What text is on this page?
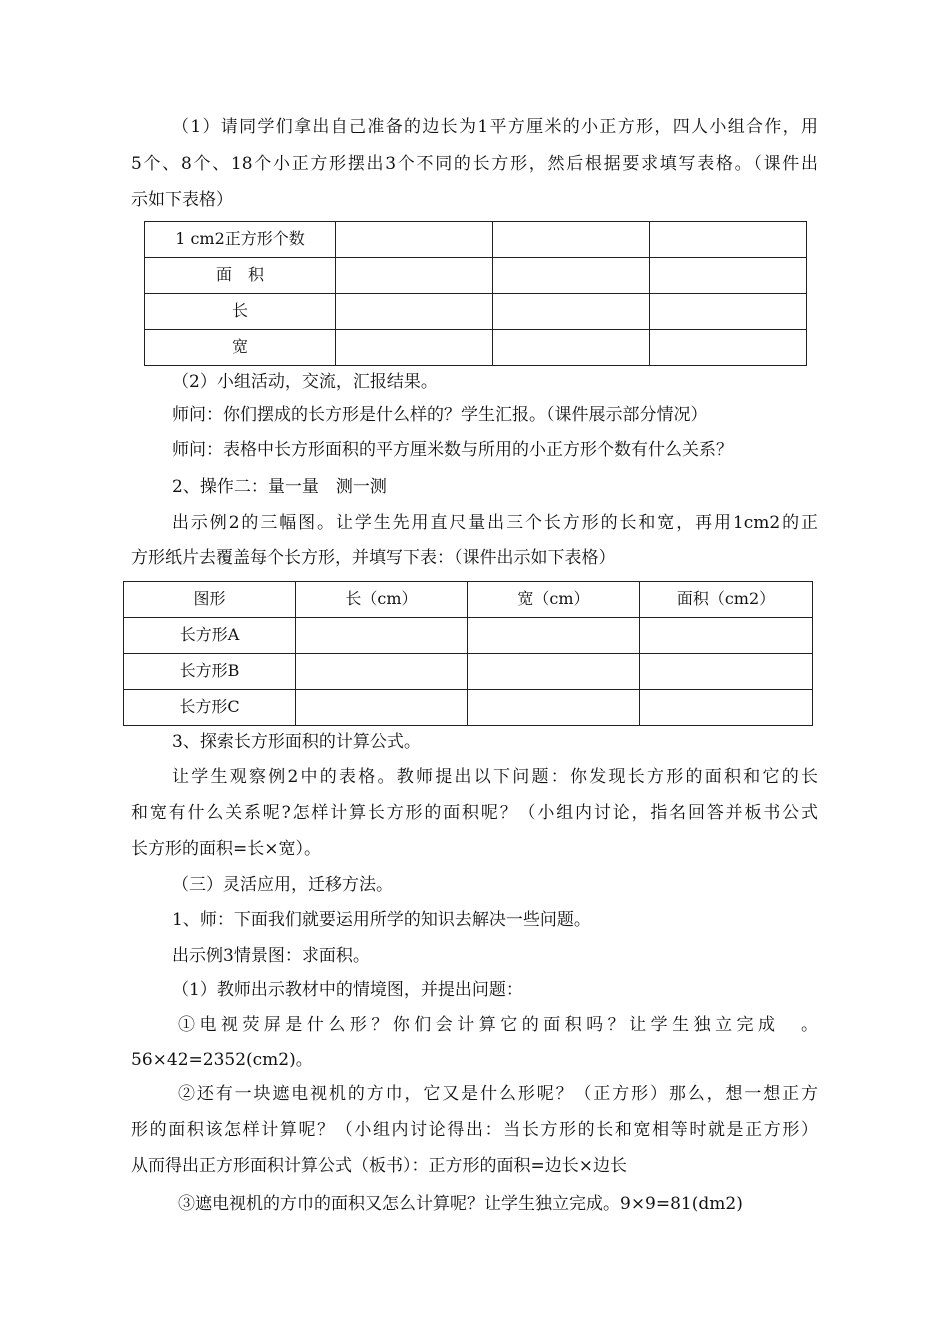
（1）请同学们拿出自己准备的边长为1平方厘米的小正方形，四人小组合作，用
5个、8个、18个小正方形摆出3个不同的长方形，然后根据要求填写表格。（课件出
示如下表格）
1 cm2正方形个数			

面　积			

长			

宽			

（2）小组活动，交流，汇报结果。
师问：你们摆成的长方形是什么样的？学生汇报。（课件展示部分情况）
师问：表格中长方形面积的平方厘米数与所用的小正方形个数有什么关系？
2、操作二：量一量　测一测
出示例2的三幅图。让学生先用直尺量出三个长方形的长和宽，再用1cm2的正
方形纸片去覆盖每个长方形，并填写下表：（课件出示如下表格）
图形	长（cm）	宽（cm）	面积（cm2）

长方形A			

长方形B			

长方形C			

3、探索长方形面积的计算公式。
让学生观察例2中的表格。教师提出以下问题：你发现长方形的面积和它的长
和宽有什么关系呢?怎样计算长方形的面积呢？（小组内讨论，指名回答并板书公式
长方形的面积=长×宽）。
（三）灵活应用，迁移方法。
1、师：下面我们就要运用所学的知识去解决一些问题。
出示例3情景图：求面积。
（1）教师出示教材中的情境图，并提出问题：
①电视荧屏是什么形？你们会计算它的面积吗？让学生独立完成　。
56×42=2352(cm2)。
②还有一块遮电视机的方巾，它又是什么形呢？（正方形）那么，想一想正方
形的面积该怎样计算呢？（小组内讨论得出：当长方形的长和宽相等时就是正方形）
从而得出正方形面积计算公式（板书）：正方形的面积=边长×边长
③遮电视机的方巾的面积又怎么计算呢？让学生独立完成。9×9=81(dm2)
